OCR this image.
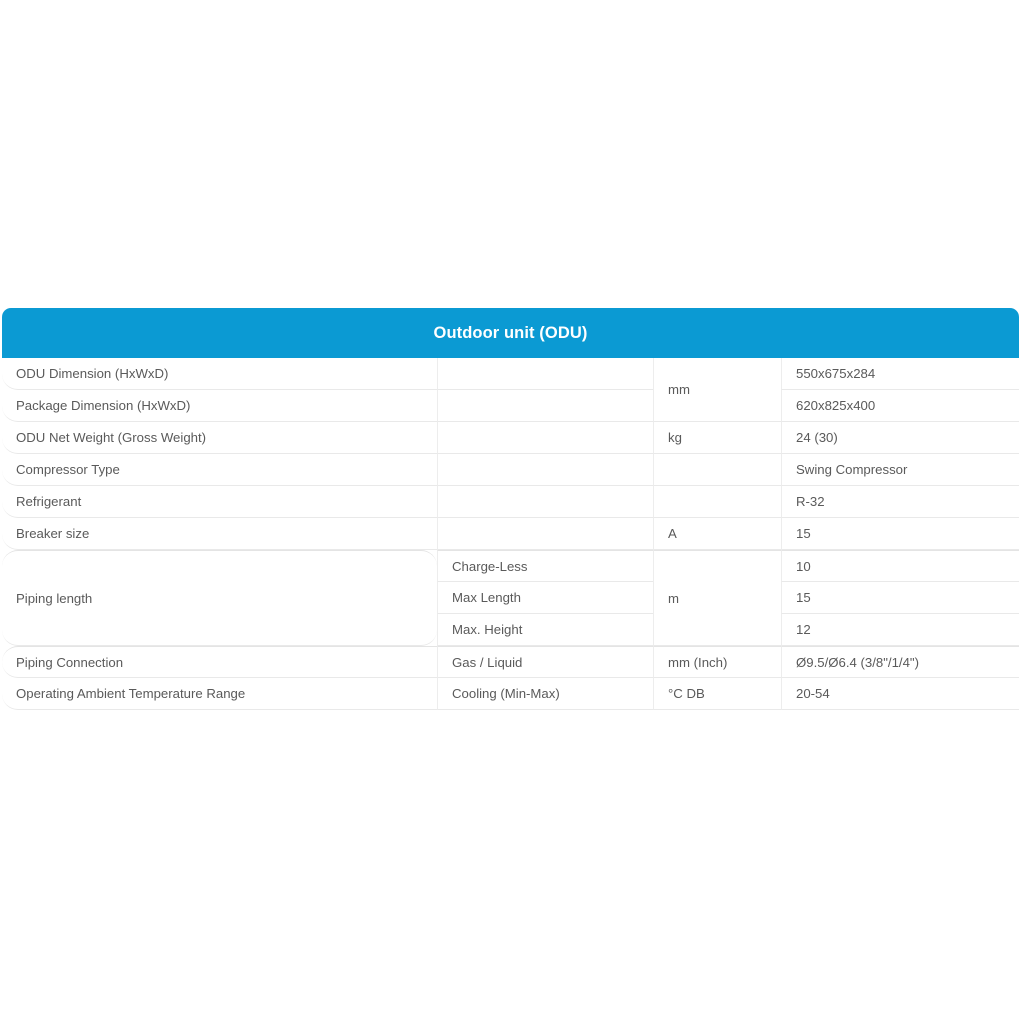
Outdoor unit (ODU)
ODU Dimension (HxWxD)		mm	550x675x284
Package Dimension (HxWxD)			620x825x400
ODU Net Weight (Gross Weight)		kg	24 (30)
Compressor Type			Swing Compressor
Refrigerant			R-32
Breaker size		A	15
Piping length	Charge-Less	m	10
	Max Length		15
	Max. Height		12
Piping Connection	Gas / Liquid	mm (Inch)	Ø9.5/Ø6.4 (3/8"/1/4")
Operating Ambient Temperature Range	Cooling (Min-Max)	°C DB	20-54
